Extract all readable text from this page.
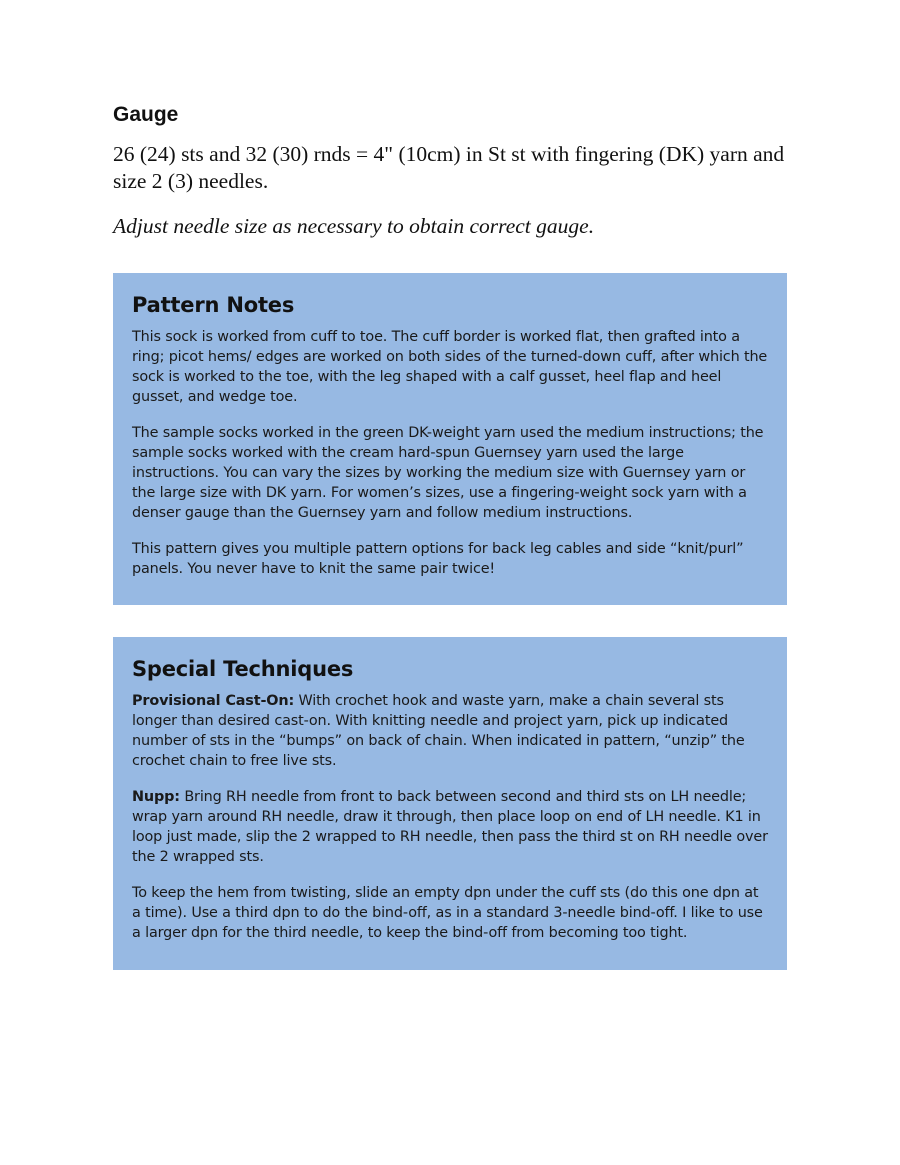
Gauge

26 (24) sts and 32 (30) rnds = 4" (10cm) in St st with fingering (DK) yarn and size 2 (3) needles.

Adjust needle size as necessary to obtain correct gauge.

Pattern Notes

This sock is worked from cuff to toe. The cuff border is worked flat, then grafted into a ring; picot hems/ edges are worked on both sides of the turned-down cuff, after which the sock is worked to the toe, with the leg shaped with a calf gusset, heel flap and heel gusset, and wedge toe.

The sample socks worked in the green DK-weight yarn used the medium instructions; the sample socks worked with the cream hard-spun Guernsey yarn used the large instructions. You can vary the sizes by working the medium size with Guernsey yarn or the large size with DK yarn. For women’s sizes, use a fingering-weight sock yarn with a denser gauge than the Guernsey yarn and follow medium instructions.

This pattern gives you multiple pattern options for back leg cables and side “knit/purl” panels. You never have to knit the same pair twice!

Special Techniques

Provisional Cast-On: With crochet hook and waste yarn, make a chain several sts longer than desired cast-on. With knitting needle and project yarn, pick up indicated number of sts in the “bumps” on back of chain. When indicated in pattern, “unzip” the crochet chain to free live sts.

Nupp: Bring RH needle from front to back between second and third sts on LH needle; wrap yarn around RH needle, draw it through, then place loop on end of LH needle. K1 in loop just made, slip the 2 wrapped to RH needle, then pass the third st on RH needle over the 2 wrapped sts.

To keep the hem from twisting, slide an empty dpn under the cuff sts (do this one dpn at a time). Use a third dpn to do the bind-off, as in a standard 3-needle bind-off. I like to use a larger dpn for the third needle, to keep the bind-off from becoming too tight.
